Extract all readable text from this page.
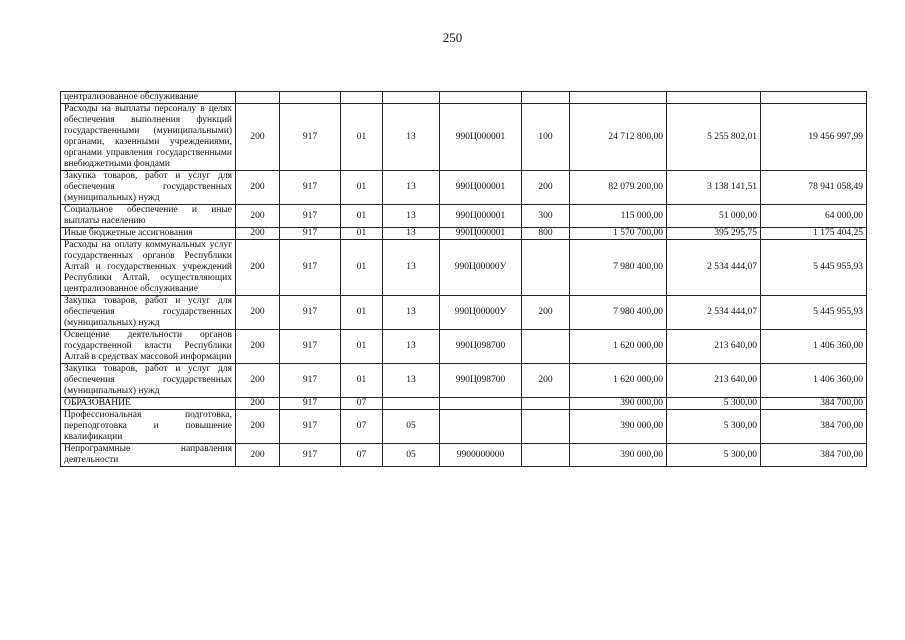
250
централизованное обслуживание									
Расходы на выплаты персоналу в целях обеспечения выполнения функций государственными (муниципальными) органами, казенными учреждениями, органами управления государственными внебюджетными фондами	200	917	01	13	990Ц000001	100	24 712 800,00	5 255 802,01	19 456 997,99
Закупка товаров, работ и услуг для обеспечения государственных (муниципальных) нужд	200	917	01	13	990Ц000001	200	82 079 200,00	3 138 141,51	78 941 058,49
Социальное обеспечение и иные выплаты населению	200	917	01	13	990Ц000001	300	115 000,00	51 000,00	64 000,00
Иные бюджетные ассигнования	200	917	01	13	990Ц000001	800	1 570 700,00	395 295,75	1 175 404,25
Расходы на оплату коммунальных услуг государственных органов Республики Алтай и государственных учреждений Республики Алтай, осуществляющих централизованное обслуживание	200	917	01	13	990Ц00000У		7 980 400,00	2 534 444,07	5 445 955,93
Закупка товаров, работ и услуг для обеспечения государственных (муниципальных) нужд	200	917	01	13	990Ц00000У	200	7 980 400,00	2 534 444,07	5 445 955,93
Освещение деятельности органов государственной власти Республики Алтай в средствах массовой информации	200	917	01	13	990Ц098700		1 620 000,00	213 640,00	1 406 360,00
Закупка товаров, работ и услуг для обеспечения государственных (муниципальных) нужд	200	917	01	13	990Ц098700	200	1 620 000,00	213 640,00	1 406 360,00
ОБРАЗОВАНИЕ	200	917	07				390 000,00	5 300,00	384 700,00
Профессиональная подготовка, переподготовка и повышение квалификации	200	917	07	05			390 000,00	5 300,00	384 700,00
Непрограммные направления деятельности	200	917	07	05	9900000000		390 000,00	5 300,00	384 700,00
